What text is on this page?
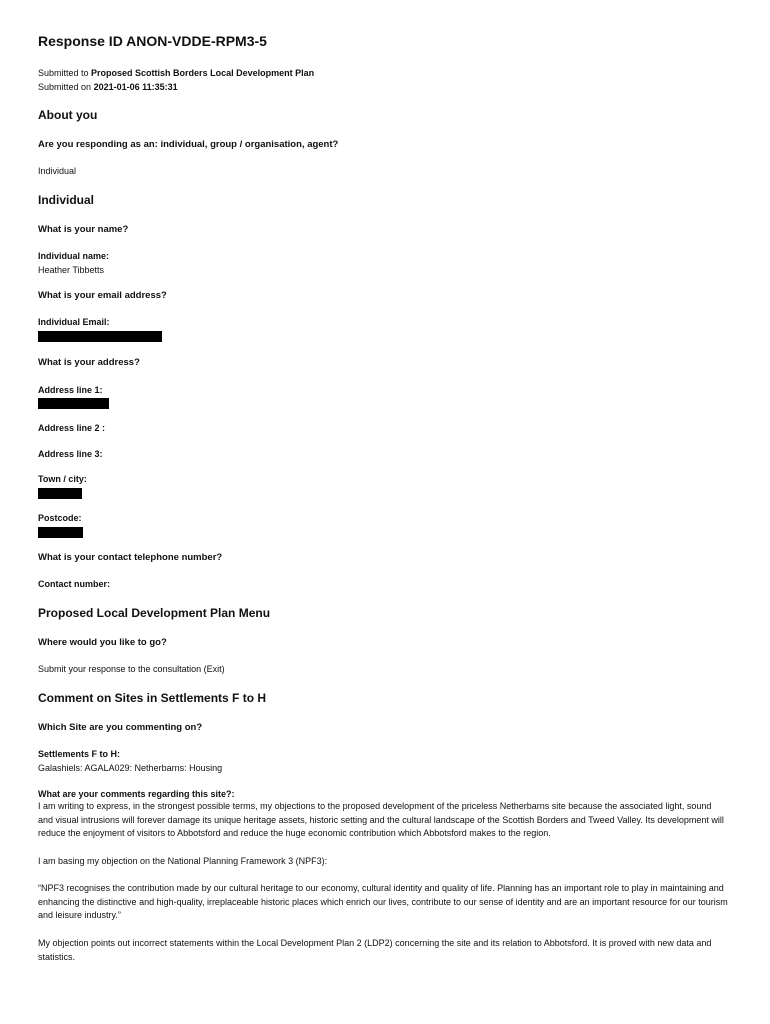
Response ID ANON-VDDE-RPM3-5
Submitted to Proposed Scottish Borders Local Development Plan
Submitted on 2021-01-06 11:35:31
About you
Are you responding as an: individual, group / organisation, agent?
Individual
Individual
What is your name?
Individual name:
Heather Tibbetts
What is your email address?
Individual Email:
What is your address?
Address line 1:
Address line 2 :
Address line 3:
Town / city:
Postcode:
What is your contact telephone number?
Contact number:
Proposed Local Development Plan Menu
Where would you like to go?
Submit your response to the consultation (Exit)
Comment on Sites in Settlements F to H
Which Site are you commenting on?
Settlements F to H:
Galashiels: AGALA029: Netherbarns: Housing
What are your comments regarding this site?:
I am writing to express, in the strongest possible terms, my objections to the proposed development of the priceless Netherbarns site because the associated light, sound and visual intrusions will forever damage its unique heritage assets, historic setting and the cultural landscape of the Scottish Borders and Tweed Valley. Its development will reduce the enjoyment of visitors to Abbotsford and reduce the huge economic contribution which Abbotsford makes to the region.
I am basing my objection on the National Planning Framework 3 (NPF3):
“NPF3 recognises the contribution made by our cultural heritage to our economy, cultural identity and quality of life. Planning has an important role to play in maintaining and enhancing the distinctive and high-quality, irreplaceable historic places which enrich our lives, contribute to our sense of identity and are an important resource for our tourism and leisure industry.”
My objection points out incorrect statements within the Local Development Plan 2 (LDP2) concerning the site and its relation to Abbotsford. It is proved with new data and statistics.
